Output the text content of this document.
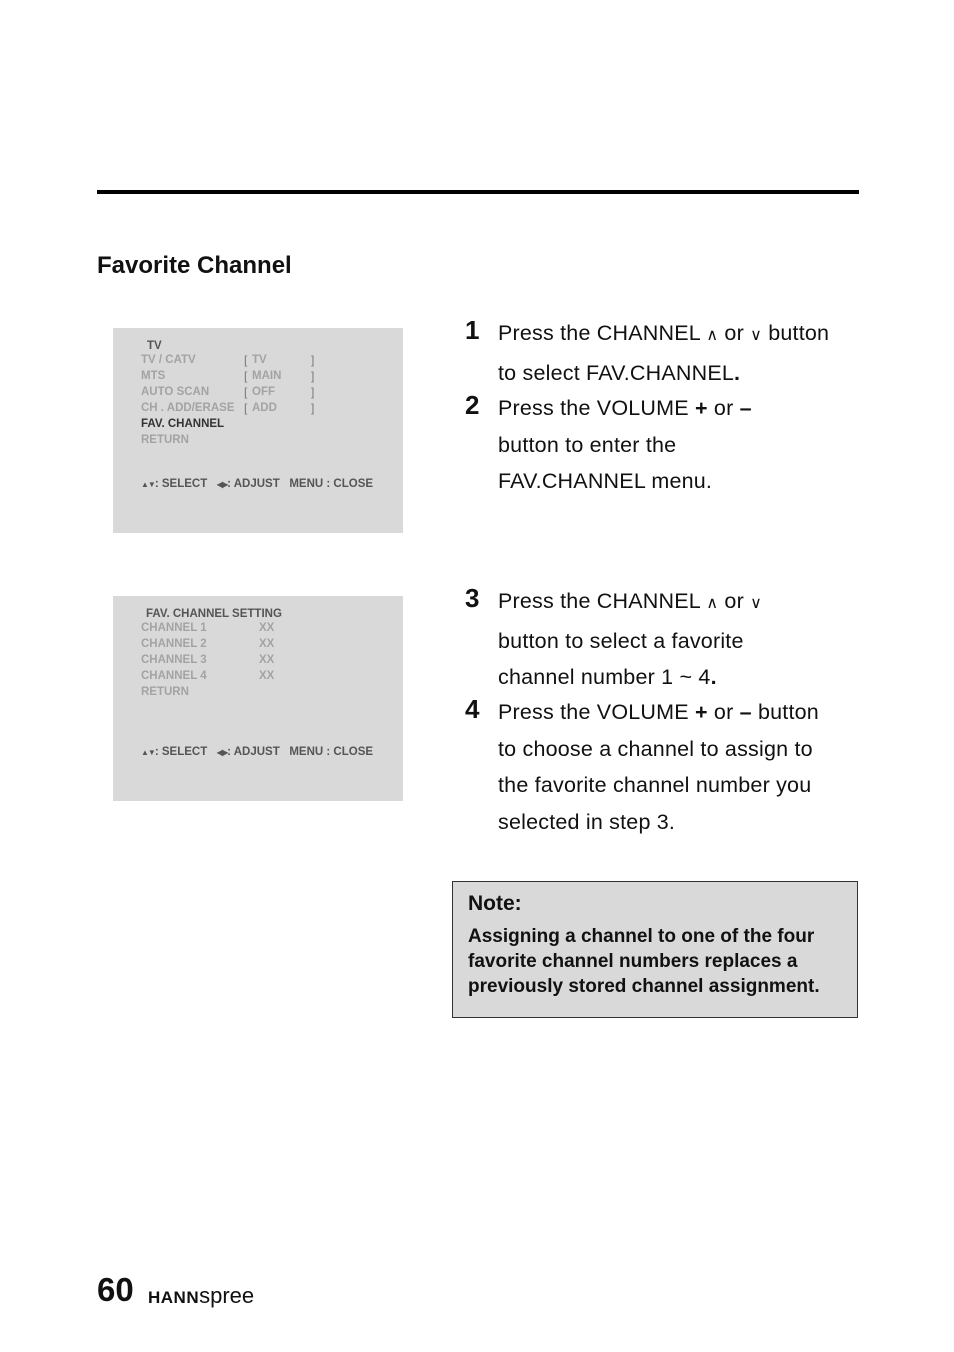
Favorite Channel
TV
TV / CATV	[ TV	]
MTS	[ MAIN ]
AUTO SCAN	[ OFF	]
CH . ADD/ERASE [ ADD	]
FAV. CHANNEL
RETURN
▲▼: SELECT ◀▶: ADJUST MENU : CLOSE
FAV. CHANNEL SETTING
CHANNEL 1	XX
CHANNEL 2	XX
CHANNEL 3	XX
CHANNEL 4	XX
RETURN
▲▼: SELECT ◀▶: ADJUST MENU : CLOSE
1 Press the CHANNEL ∧ or ∨ button to select FAV.CHANNEL.
2 Press the VOLUME + or – button to enter the FAV.CHANNEL menu.
3 Press the CHANNEL ∧ or ∨ button to select a favorite channel number 1 ~ 4.
4 Press the VOLUME + or – button to choose a channel to assign to the favorite channel number you selected in step 3.
Note:
Assigning a channel to one of the four favorite channel numbers replaces a previously stored channel assignment.
60 HANNspree
